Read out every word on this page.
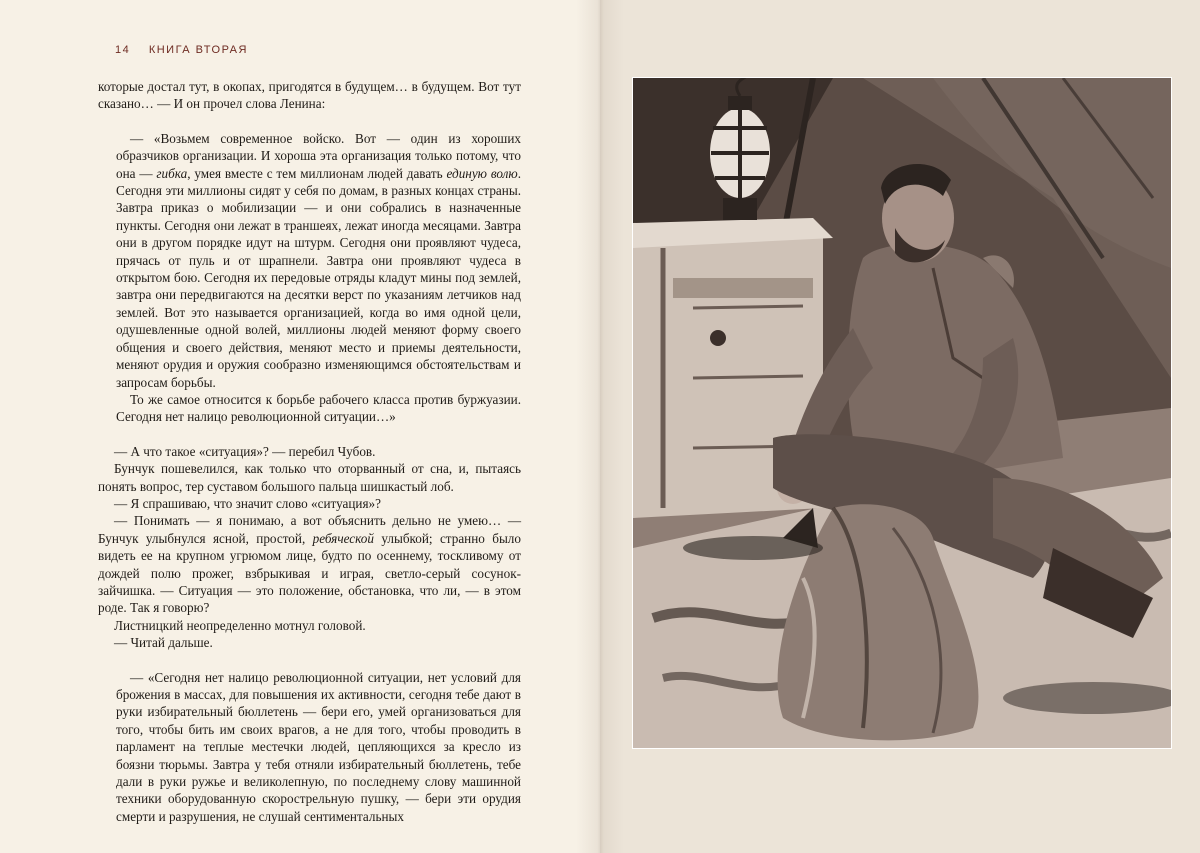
14 КНИГА ВТОРАЯ

которые достал тут, в окопах, пригодятся в будущем… в будущем. Вот тут сказано… — И он прочел слова Ленина:

— «Возьмем современное войско. Вот — один из хороших образчиков организации. И хороша эта организация только потому, что она — гибка, умея вместе с тем миллионам людей давать единую волю. Сегодня эти миллионы сидят у себя по домам, в разных концах страны. Завтра приказ о мобилизации — и они собрались в назначенные пункты. Сегодня они лежат в траншеях, лежат иногда месяцами. Завтра они в другом порядке идут на штурм. Сегодня они проявляют чудеса, прячась от пуль и от шрапнели. Завтра они проявляют чудеса в открытом бою. Сегодня их передовые отряды кладут мины под землей, завтра они передвигаются на десятки верст по указаниям летчиков над землей. Вот это называется организацией, когда во имя одной цели, одушевленные одной волей, миллионы людей меняют форму своего общения и своего действия, меняют место и приемы деятельности, меняют орудия и оружия сообразно изменяющимся обстоятельствам и запросам борьбы.

То же самое относится к борьбе рабочего класса против буржуазии. Сегодня нет налицо революционной ситуации…»

— А что такое «ситуация»? — перебил Чубов.

Бунчук пошевелился, как только что оторванный от сна, и, пытаясь понять вопрос, тер суставом большого пальца шишкастый лоб.

— Я спрашиваю, что значит слово «ситуация»?

— Понимать — я понимаю, а вот объяснить дельно не умею… — Бунчук улыбнулся ясной, простой, ребяческой улыбкой; странно было видеть ее на крупном угрюмом лице, будто по осеннему, тоскливому от дождей полю прожег, взбрыкивая и играя, светло-серый сосунок-зайчишка. — Ситуация — это положение, обстановка, что ли, — в этом роде. Так я говорю?

Листницкий неопределенно мотнул головой.

— Читай дальше.

— «Сегодня нет налицо революционной ситуации, нет условий для брожения в массах, для повышения их активности, сегодня тебе дают в руки избирательный бюллетень — бери его, умей организоваться для того, чтобы бить им своих врагов, а не для того, чтобы проводить в парламент на теплые местечки людей, цепляющихся за кресло из боязни тюрьмы. Завтра у тебя отняли избирательный бюллетень, тебе дали в руки ружье и великолепную, по последнему слову машинной техники оборудованную скорострельную пушку, — бери эти орудия смерти и разрушения, не слушай сентиментальных
